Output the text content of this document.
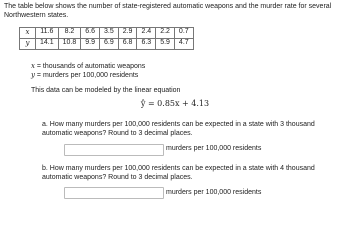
The table below shows the number of state-registered automatic weapons and the murder rate for several Northwestern states.

x	11.6	8.2	6.6	3.5	2.9	2.4	2.2	0.7
y	14.1	10.8	9.9	6.9	6.8	6.3	5.9	4.7
x = thousands of automatic weapons
y = murders per 100,000 residents
This data can be modeled by the linear equation
ŷ = 0.85x + 4.13
a. How many murders per 100,000 residents can be expected in a state with 3 thousand automatic weapons? Round to 3 decimal places.
murders per 100,000 residents
b. How many murders per 100,000 residents can be expected in a state with 4 thousand automatic weapons? Round to 3 decimal places.
murders per 100,000 residents
